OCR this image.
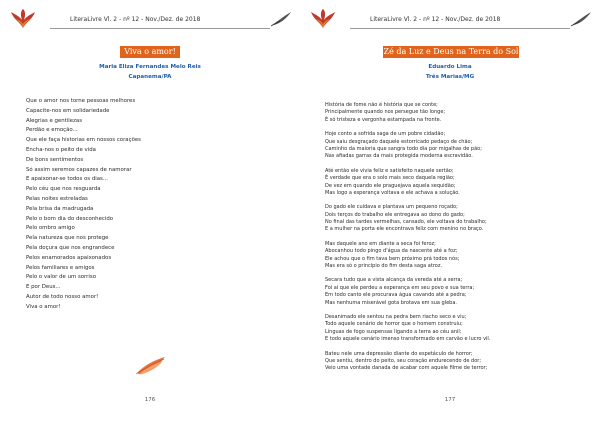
LiteraLivre Vl. 2 - nº 12 - Nov./Dez. de 2018
Viva o amor!
Maria Eliza Fernandes Melo Reis
Capanema/PA
Que o amor nos torne pessoas melhores
Capacite-nos em solidariedade
Alegrias e gentilezas
Perdão e emoção...
Que ele faça historias em nossos corações
Encha-nos o peito de vida
De bons sentimentos
Só assim seremos capazes de namorar
E apaixonar-se todos os dias...
Pelo céu que nos resguarda
Pelas noites estreladas
Pela brisa da madrugada
Pelo o bom dia do desconhecido
Pelo ombro amigo
Pela natureza que nos protege
Pela doçura que nos engrandece
Pelos enamorados apaixonados
Pelos familiares e amigos
Pelo o valor de um sorriso
E por Deus...
Autor de todo nosso amor!
Viva o amor!
176
LiteraLivre Vl. 2 - nº 12 - Nov./Dez. de 2018
Zé da Luz e Deus na Terra do Sol
Eduardo Lima
Três Marias/MG
História de fome não é história que se conte;
Principalmente quando nos persegue tão longe;
É só tristeza e vergonha estampada na fronte.
Hoje conto a sofrida saga de um pobre cidadão;
Que saiu desgraçado daquele estorricado pedaço de chão;
Caminho da maioria que sangra todo dia por migalhas de pão;
Nas afiadas garras da mais protegida moderna escravidão.
Até então ele vivia feliz e satisfeito naquele sertão;
É verdade que era o solo mais seco daquela região;
De vez em quando ele praguejava aquela sequidão;
Mas logo a esperança voltava e ele achava a solução.
Do gado ele cuidava e plantava um pequeno roçado;
Dois terços do trabalho ele entregava ao dono do gado;
No final das tardes vermelhas, cansado, ele voltava do trabalho;
E a mulher na porta ele encontrava feliz com menino no braço.
Mas daquele ano em diante a seca foi feroz;
Abocanhou todo pingo d'água da nascente até a foz;
Ele achou que o fim tava bem próximo prá todos nós;
Mas era só o princípio do fim desta saga atroz.
Secara tudo que a vista alcança da vereda até a serra;
Foi aí que ele perdeu a esperança em seu povo e sua terra;
Em todo canto ele procurava água cavando até a pedra;
Mas nenhuma miserável gota brotava em sua gleba.
Desanimado ele sentou na pedra bem riacho seco e viu;
Todo aquele cenário de horror que o homem construiu;
Línguas de fogo suspensas ligando a terra ao céu anil;
E todo aquele cenário imenso transformado em carvão e lucro vil.
Bateu nele uma depressão diante do espetáculo de horror;
Que sentiu, dentro do peito, seu coração endurecendo de dor;
Veio uma vontade danada de acabar com aquele filme de terror;
177
